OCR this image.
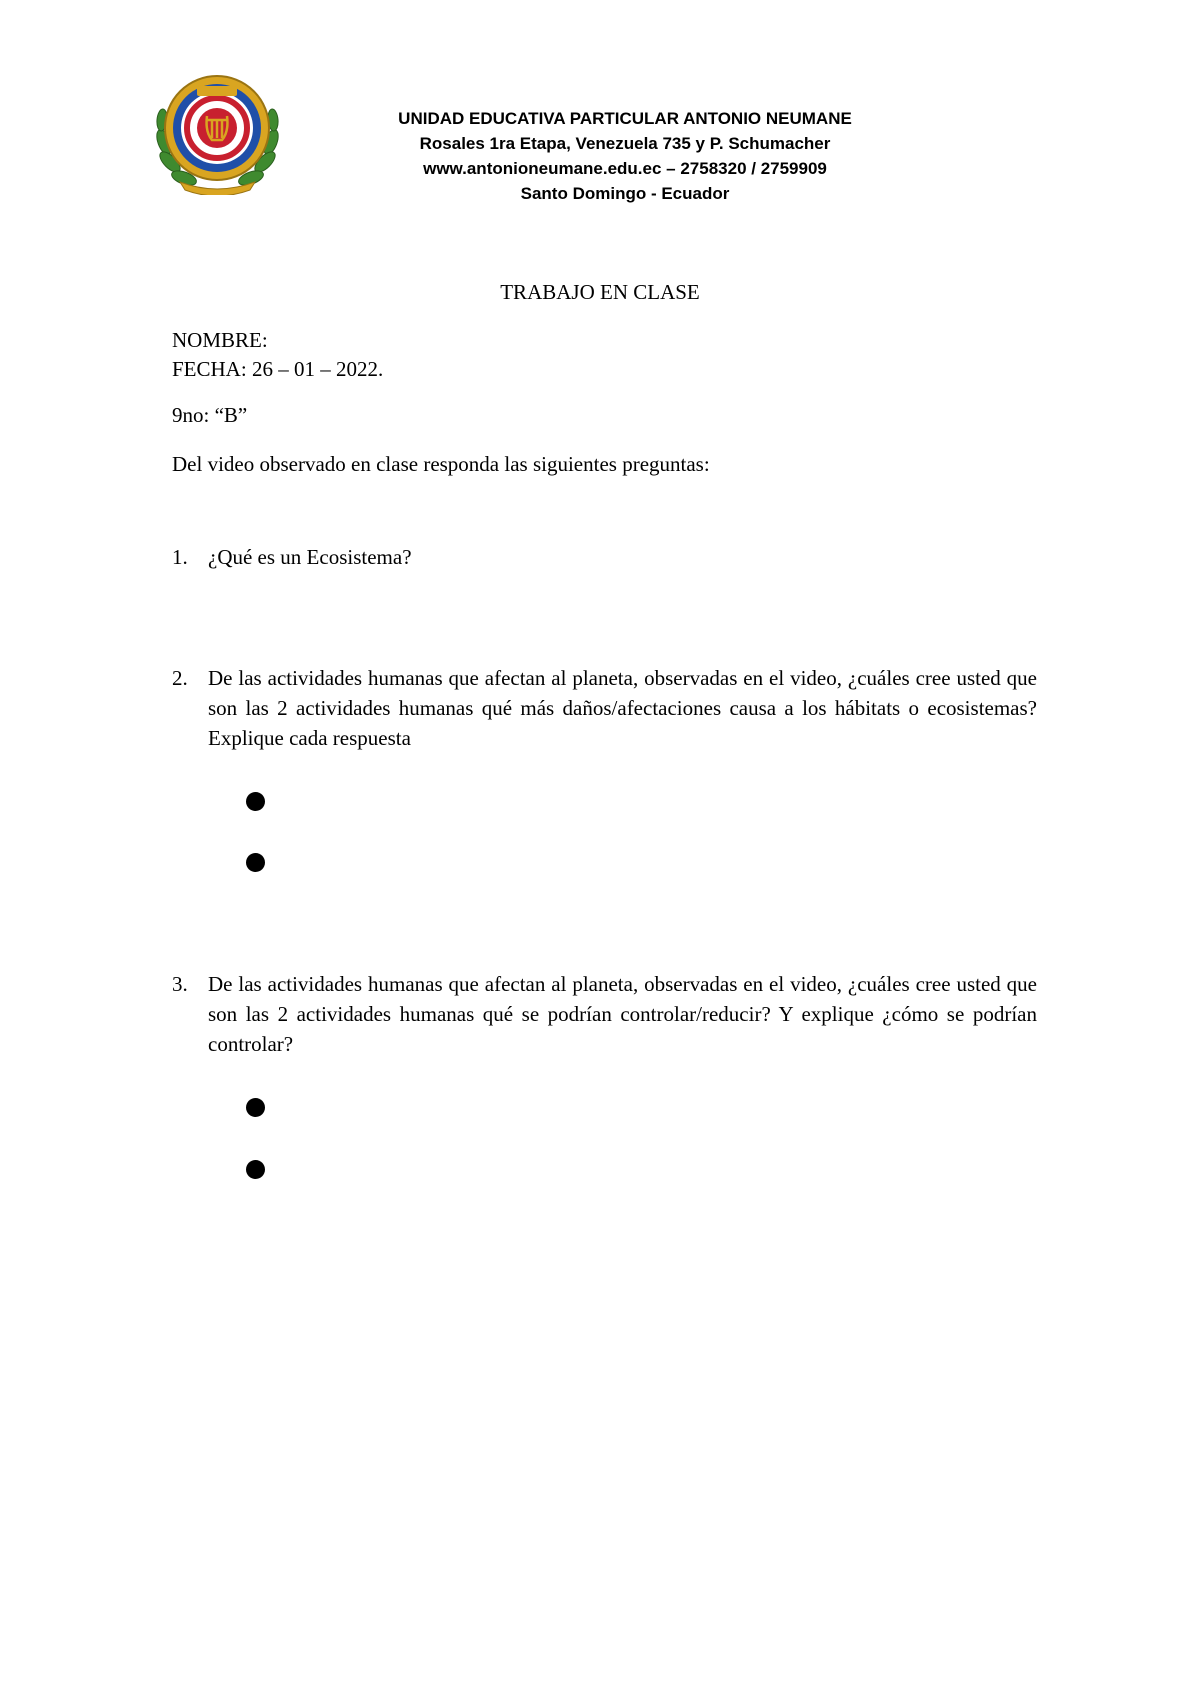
UNIDAD EDUCATIVA PARTICULAR ANTONIO NEUMANE
Rosales 1ra Etapa, Venezuela 735 y P. Schumacher
www.antonioneumane.edu.ec – 2758320 / 2759909
Santo Domingo - Ecuador
TRABAJO EN CLASE
NOMBRE:
FECHA: 26 – 01 – 2022.
9no: “B”
Del video observado en clase responda las siguientes preguntas:
1. ¿Qué es un Ecosistema?
2. De las actividades humanas que afectan al planeta, observadas en el video, ¿cuáles cree usted que son las 2 actividades humanas qué más daños/afectaciones causa a los hábitats o ecosistemas? Explique cada respuesta
3. De las actividades humanas que afectan al planeta, observadas en el video, ¿cuáles cree usted que son las 2 actividades humanas qué se podrían controlar/reducir? Y explique ¿cómo se podrían controlar?
